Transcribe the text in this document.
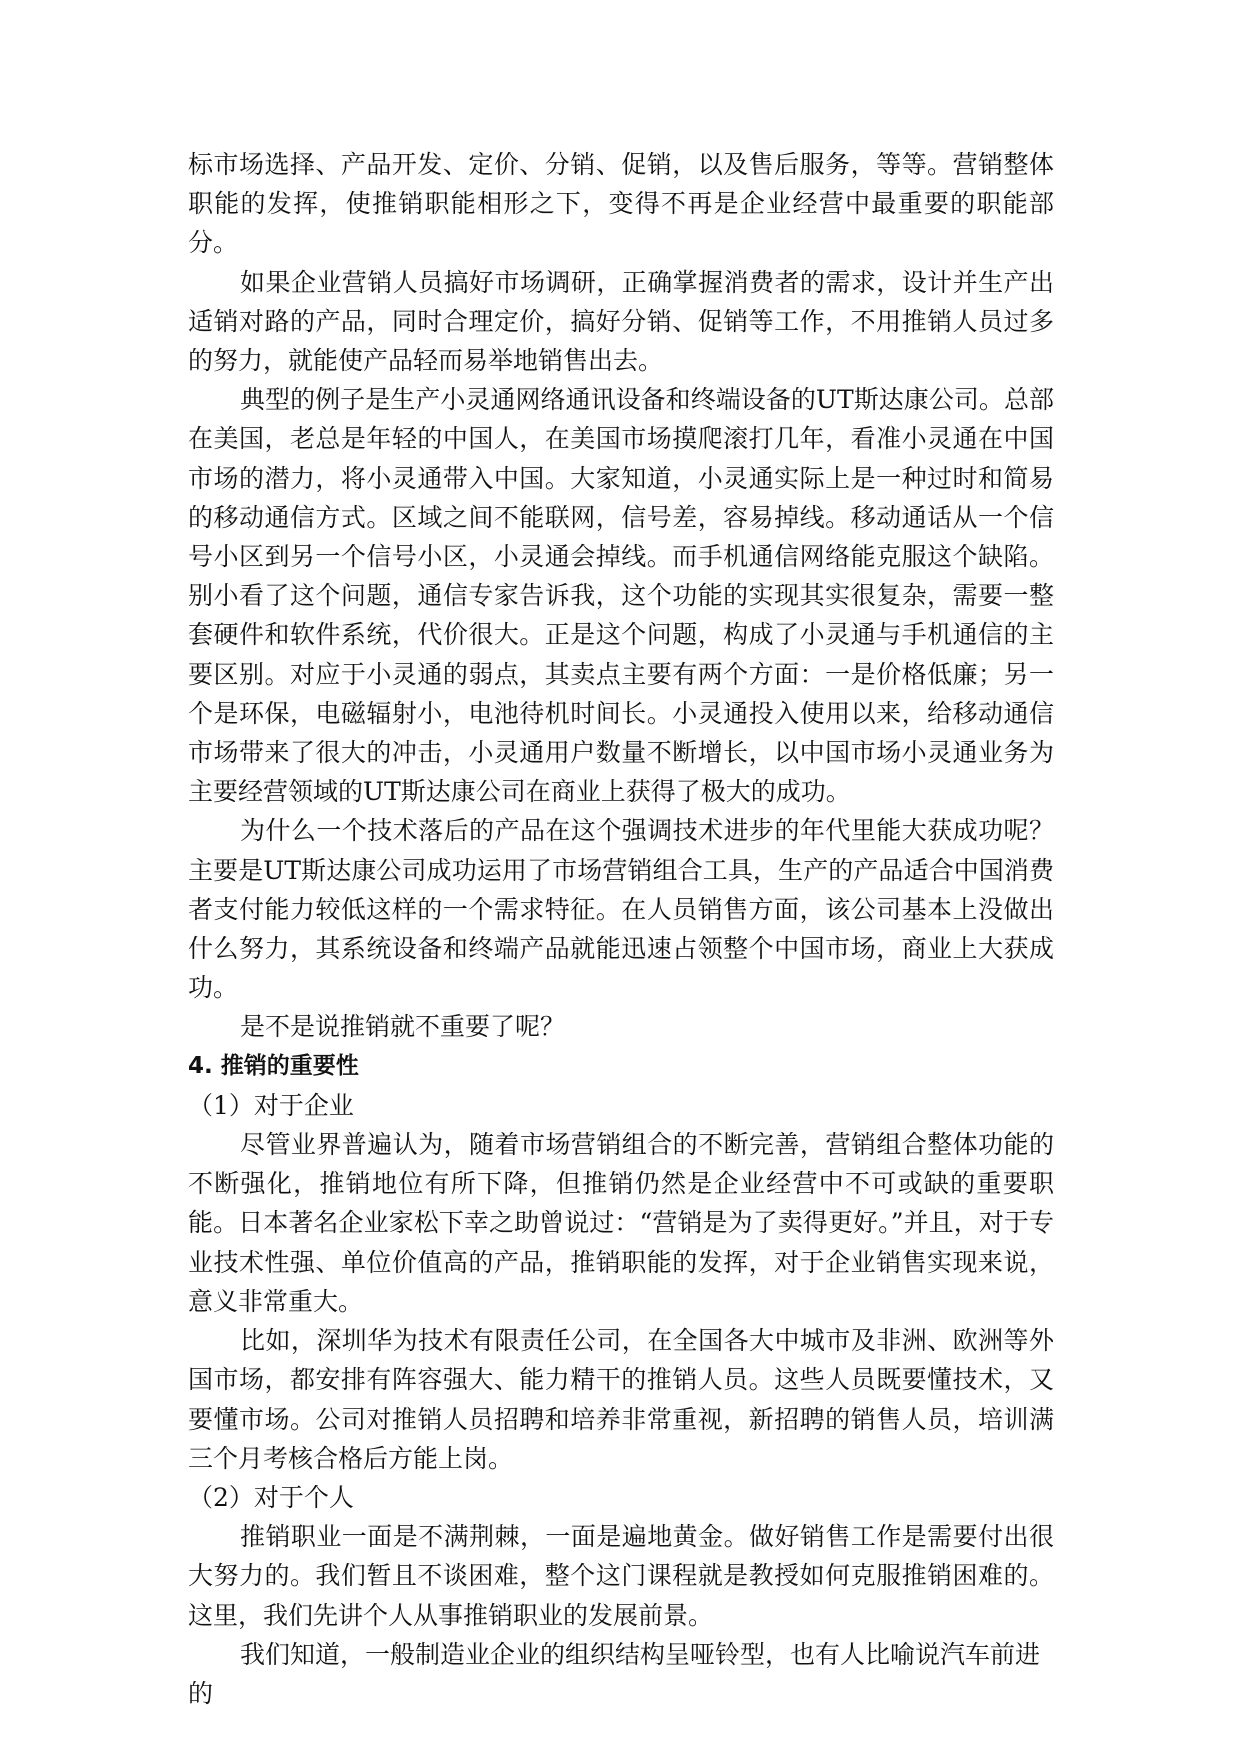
标市场选择、产品开发、定价、分销、促销，以及售后服务，等等。营销整体职能的发挥，使推销职能相形之下，变得不再是企业经营中最重要的职能部分。

如果企业营销人员搞好市场调研，正确掌握消费者的需求，设计并生产出适销对路的产品，同时合理定价，搞好分销、促销等工作，不用推销人员过多的努力，就能使产品轻而易举地销售出去。

典型的例子是生产小灵通网络通讯设备和终端设备的UT斯达康公司。总部在美国，老总是年轻的中国人，在美国市场摸爬滚打几年，看准小灵通在中国市场的潜力，将小灵通带入中国。大家知道，小灵通实际上是一种过时和简易的移动通信方式。区域之间不能联网，信号差，容易掉线。移动通话从一个信号小区到另一个信号小区，小灵通会掉线。而手机通信网络能克服这个缺陷。别小看了这个问题，通信专家告诉我，这个功能的实现其实很复杂，需要一整套硬件和软件系统，代价很大。正是这个问题，构成了小灵通与手机通信的主要区别。对应于小灵通的弱点，其卖点主要有两个方面：一是价格低廉；另一个是环保，电磁辐射小，电池待机时间长。小灵通投入使用以来，给移动通信市场带来了很大的冲击，小灵通用户数量不断增长，以中国市场小灵通业务为主要经营领域的UT斯达康公司在商业上获得了极大的成功。

为什么一个技术落后的产品在这个强调技术进步的年代里能大获成功呢？主要是UT斯达康公司成功运用了市场营销组合工具，生产的产品适合中国消费者支付能力较低这样的一个需求特征。在人员销售方面，该公司基本上没做出什么努力，其系统设备和终端产品就能迅速占领整个中国市场，商业上大获成功。

是不是说推销就不重要了呢？

4. 推销的重要性

（1）对于企业

尽管业界普遍认为，随着市场营销组合的不断完善，营销组合整体功能的不断强化，推销地位有所下降，但推销仍然是企业经营中不可或缺的重要职能。日本著名企业家松下幸之助曾说过：“营销是为了卖得更好。”并且，对于专业技术性强、单位价值高的产品，推销职能的发挥，对于企业销售实现来说，意义非常重大。

比如，深圳华为技术有限责任公司，在全国各大中城市及非洲、欧洲等外国市场，都安排有阵容强大、能力精干的推销人员。这些人员既要懂技术，又要懂市场。公司对推销人员招聘和培养非常重视，新招聘的销售人员，培训满三个月考核合格后方能上岗。

（2）对于个人

推销职业一面是不满荆棘，一面是遍地黄金。做好销售工作是需要付出很大努力的。我们暂且不谈困难，整个这门课程就是教授如何克服推销困难的。这里，我们先讲个人从事推销职业的发展前景。

我们知道，一般制造业企业的组织结构呈哑铃型，也有人比喻说汽车前进的
